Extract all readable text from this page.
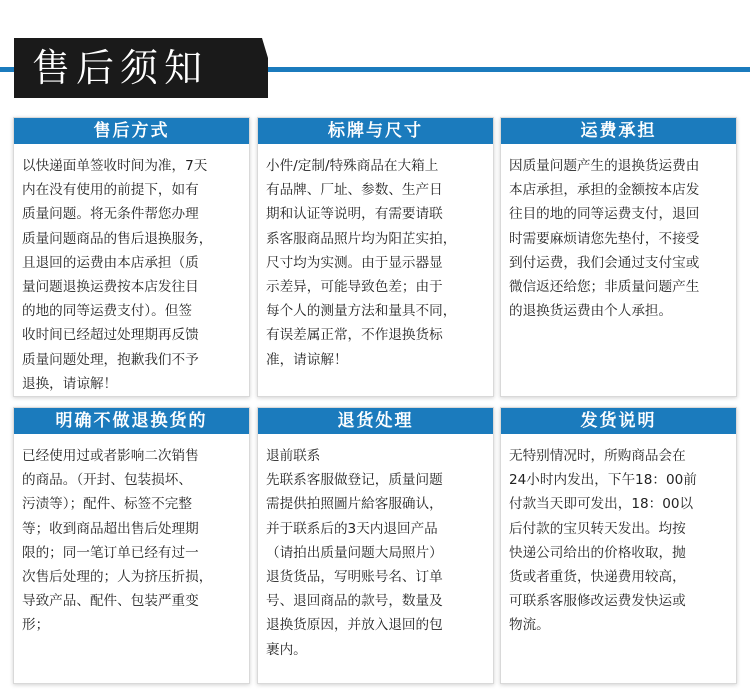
售后须知
售后方式
以快递面单签收时间为准，7天
内在没有使用的前提下，如有
质量问题。将无条件帮您办理
质量问题商品的售后退换服务，
且退回的运费由本店承担（质
量问题退换运费按本店发往目
的地的同等运费支付）。但签
收时间已经超过处理期再反馈
质量问题处理，抱歉我们不予
退换，请谅解！
标牌与尺寸
小件/定制/特殊商品在大箱上
有品牌、厂址、参数、生产日
期和认证等说明，有需要请联
系客服商品照片均为阳芷实拍，
尺寸均为实测。由于显示器显
示差异，可能导致色差；由于
每个人的测量方法和量具不同，
有误差属正常，不作退换货标
准，请谅解！
运费承担
因质量问题产生的退换货运费由
本店承担，承担的金额按本店发
往目的地的同等运费支付，退回
时需要麻烦请您先垫付，不接受
到付运费，我们会通过支付宝或
微信返还给您；非质量问题产生
的退换货运费由个人承担。
明确不做退换货的
已经使用过或者影响二次销售
的商品。（开封、包装损坏、
污渍等）；配件、标签不完整
等；收到商品超出售后处理期
限的；同一笔订单已经有过一
次售后处理的；人为挤压折损，
导致产品、配件、包装严重变
形；
退货处理
退前联系
先联系客服做登记，质量问题
需提供拍照圖片給客服确认，
并于联系后的3天内退回产品
（请拍出质量问题大局照片）
退货货品，写明账号名、订单
号、退回商品的款号，数量及
退换货原因，并放入退回的包
裹内。
发货说明
无特别情况时，所购商品会在
24小时内发出，下午18：00前
付款当天即可发出，18：00以
后付款的宝贝转天发出。均按
快递公司给出的价格收取，抛
货或者重货，快递费用较高，
可联系客服修改运费发快运或
物流。
